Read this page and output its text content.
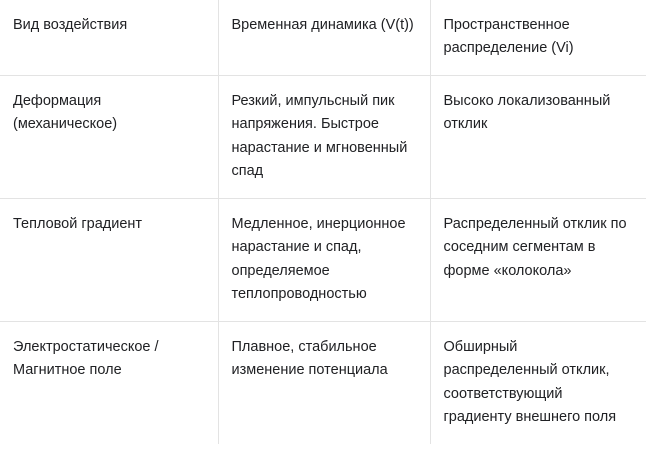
Вид воздействия	Временная динамика (V(t))	Пространственное распределение (Vi)
Деформация (механическое)	Резкий, импульсный пик напряжения. Быстрое нарастание и мгновенный спад	Высоко локализованный отклик
Тепловой градиент	Медленное, инерционное нарастание и спад, определяемое теплопроводностью	Распределенный отклик по соседним сегментам в форме «колокола»
Электростатическое / Магнитное поле	Плавное, стабильное изменение потенциала	Обширный распределенный отклик, соответствующий градиенту внешнего поля
